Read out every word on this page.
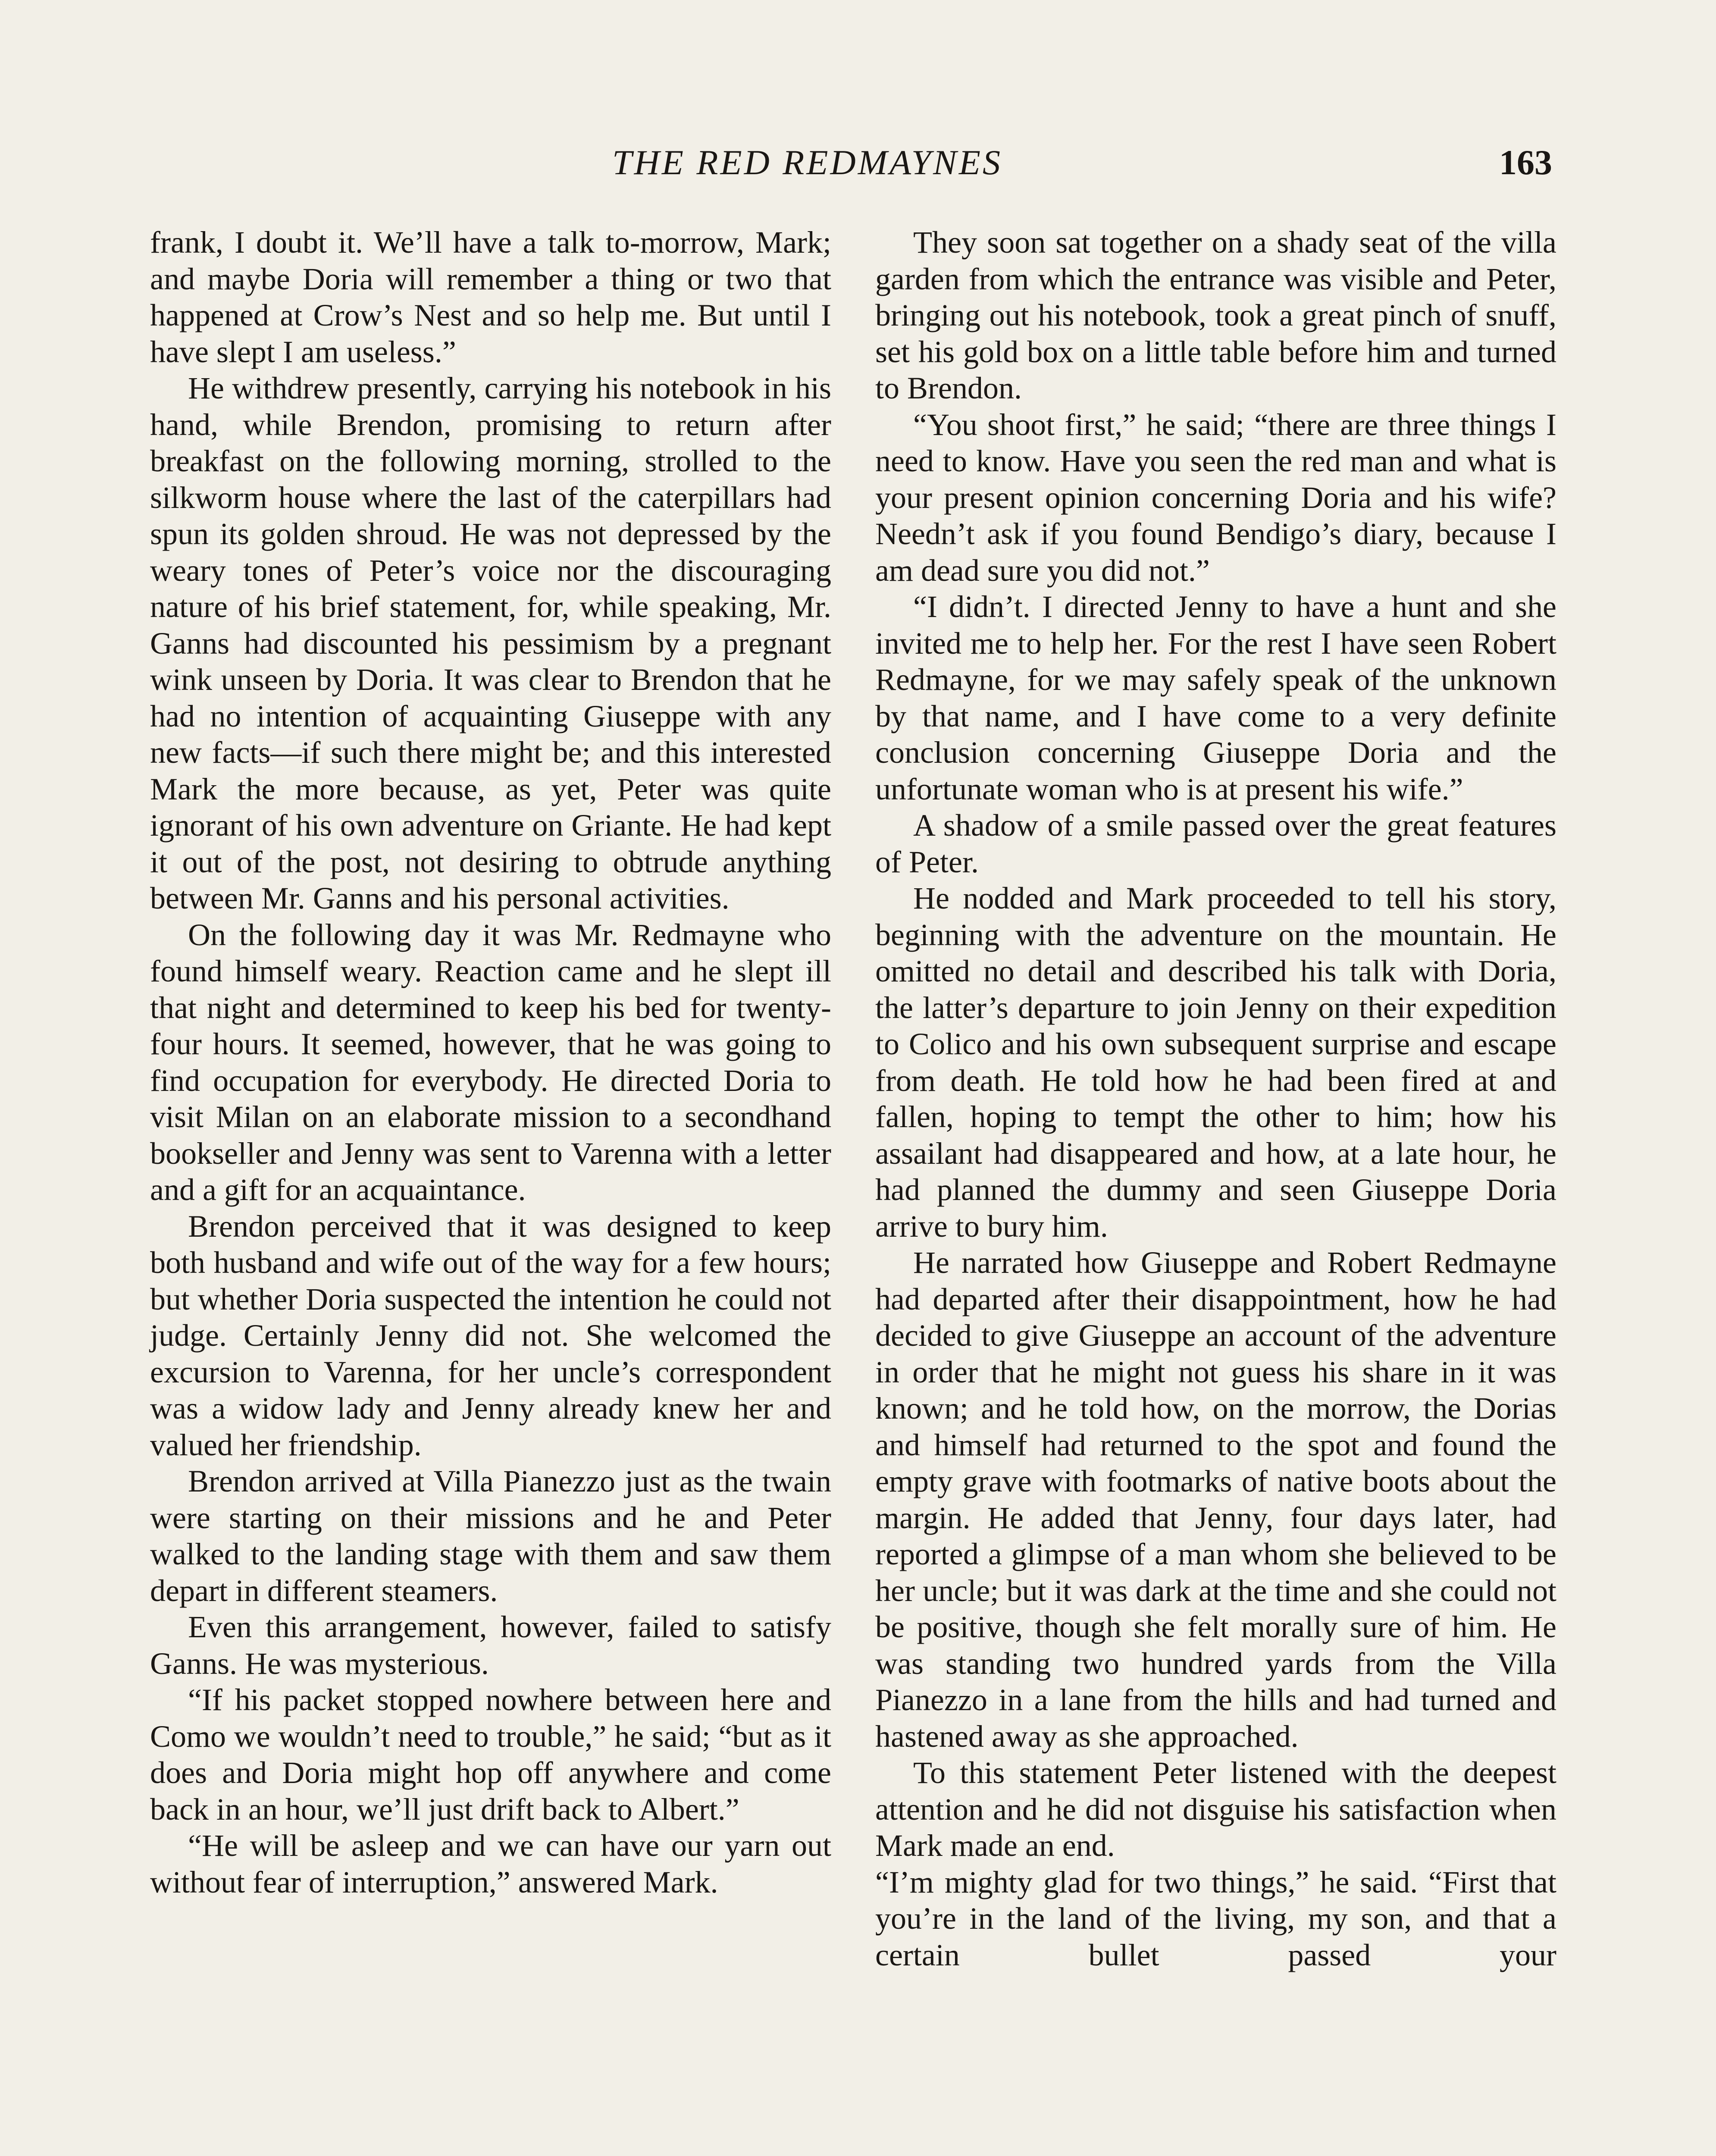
THE RED REDMAYNES	163

frank, I doubt it. We’ll have a talk to-morrow, Mark; and maybe Doria will remember a thing or two that happened at Crow’s Nest and so help me. But until I have slept I am useless.”

He withdrew presently, carrying his notebook in his hand, while Brendon, promising to return after breakfast on the following morning, strolled to the silkworm house where the last of the caterpillars had spun its golden shroud. He was not depressed by the weary tones of Peter’s voice nor the discouraging nature of his brief statement, for, while speaking, Mr. Ganns had discounted his pessimism by a pregnant wink unseen by Doria. It was clear to Brendon that he had no intention of acquainting Giuseppe with any new facts—if such there might be; and this interested Mark the more because, as yet, Peter was quite ignorant of his own adventure on Griante. He had kept it out of the post, not desiring to obtrude anything between Mr. Ganns and his personal activities.

On the following day it was Mr. Redmayne who found himself weary. Reaction came and he slept ill that night and determined to keep his bed for twenty-four hours. It seemed, however, that he was going to find occupation for everybody. He directed Doria to visit Milan on an elaborate mission to a secondhand bookseller and Jenny was sent to Varenna with a letter and a gift for an acquaintance.

Brendon perceived that it was designed to keep both husband and wife out of the way for a few hours; but whether Doria suspected the intention he could not judge. Certainly Jenny did not. She welcomed the excursion to Varenna, for her uncle’s correspondent was a widow lady and Jenny already knew her and valued her friendship.

Brendon arrived at Villa Pianezzo just as the twain were starting on their missions and he and Peter walked to the landing stage with them and saw them depart in different steamers.

Even this arrangement, however, failed to satisfy Ganns. He was mysterious.

“If his packet stopped nowhere between here and Como we wouldn’t need to trouble,” he said; “but as it does and Doria might hop off anywhere and come back in an hour, we’ll just drift back to Albert.”

“He will be asleep and we can have our yarn out without fear of interruption,” answered Mark.

They soon sat together on a shady seat of the villa garden from which the entrance was visible and Peter, bringing out his notebook, took a great pinch of snuff, set his gold box on a little table before him and turned to Brendon.

“You shoot first,” he said; “there are three things I need to know. Have you seen the red man and what is your present opinion concerning Doria and his wife? Needn’t ask if you found Bendigo’s diary, because I am dead sure you did not.”

“I didn’t. I directed Jenny to have a hunt and she invited me to help her. For the rest I have seen Robert Redmayne, for we may safely speak of the unknown by that name, and I have come to a very definite conclusion concerning Giuseppe Doria and the unfortunate woman who is at present his wife.”

A shadow of a smile passed over the great features of Peter.

He nodded and Mark proceeded to tell his story, beginning with the adventure on the mountain. He omitted no detail and described his talk with Doria, the latter’s departure to join Jenny on their expedition to Colico and his own subsequent surprise and escape from death. He told how he had been fired at and fallen, hoping to tempt the other to him; how his assailant had disappeared and how, at a late hour, he had planned the dummy and seen Giuseppe Doria arrive to bury him.

He narrated how Giuseppe and Robert Redmayne had departed after their disappointment, how he had decided to give Giuseppe an account of the adventure in order that he might not guess his share in it was known; and he told how, on the morrow, the Dorias and himself had returned to the spot and found the empty grave with footmarks of native boots about the margin. He added that Jenny, four days later, had reported a glimpse of a man whom she believed to be her uncle; but it was dark at the time and she could not be positive, though she felt morally sure of him. He was standing two hundred yards from the Villa Pianezzo in a lane from the hills and had turned and hastened away as she approached.

To this statement Peter listened with the deepest attention and he did not disguise his satisfaction when Mark made an end.

“I’m mighty glad for two things,” he said. “First that you’re in the land of the living, my son, and that a certain bullet passed your
